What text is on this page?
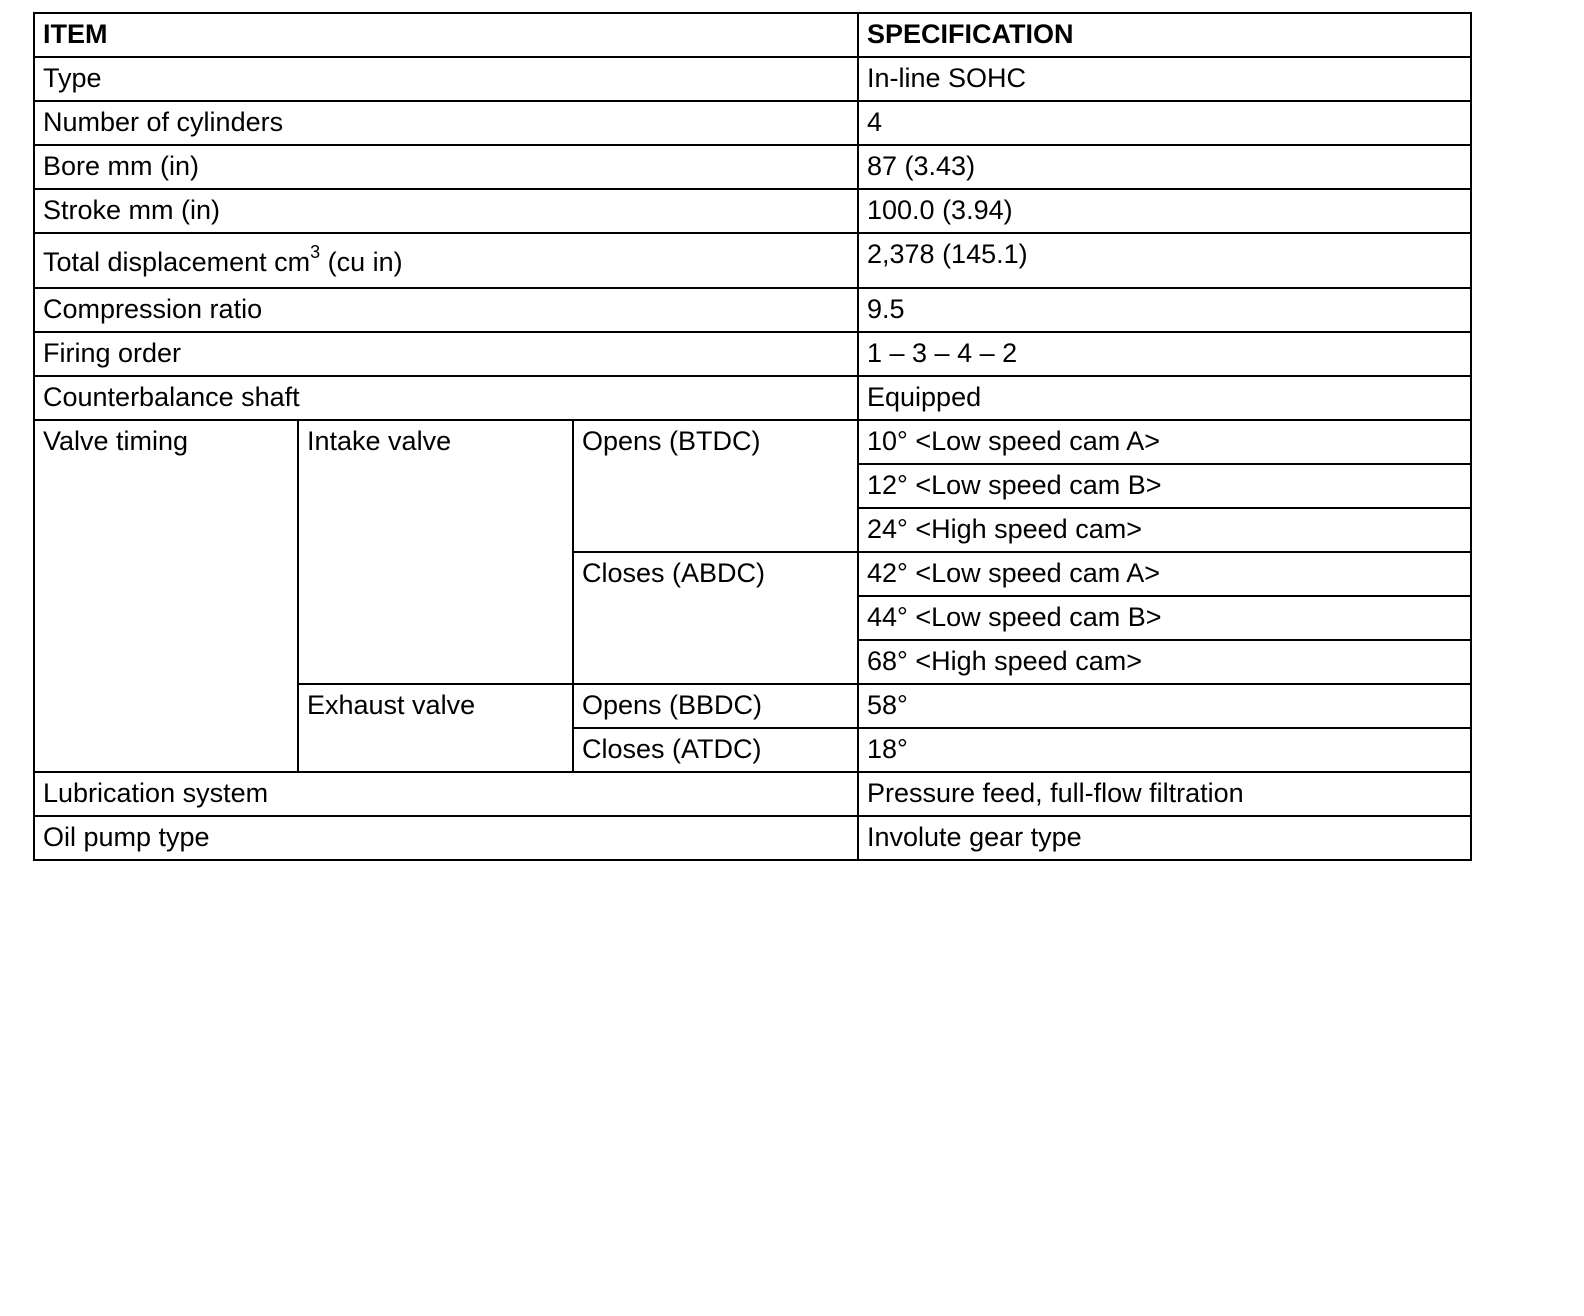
ITEM			SPECIFICATION
Type			In-line SOHC
Number of cylinders			4
Bore mm (in)			87 (3.43)
Stroke mm (in)			100.0 (3.94)
Total displacement $cm^3$ (cu in)			2,378 (145.1)
Compression ratio			9.5
Firing order			1 – 3 – 4 – 2
Counterbalance shaft			Equipped
Valve timing	Intake valve	Opens (BTDC)	10° <Low speed cam A>
			12° <Low speed cam B>
			24° <High speed cam>
		Closes (ABDC)	42° <Low speed cam A>
			44° <Low speed cam B>
			68° <High speed cam>
	Exhaust valve	Opens (BBDC)	58°
		Closes (ATDC)	18°
Lubrication system			Pressure feed, full-flow filtration
Oil pump type			Involute gear type
